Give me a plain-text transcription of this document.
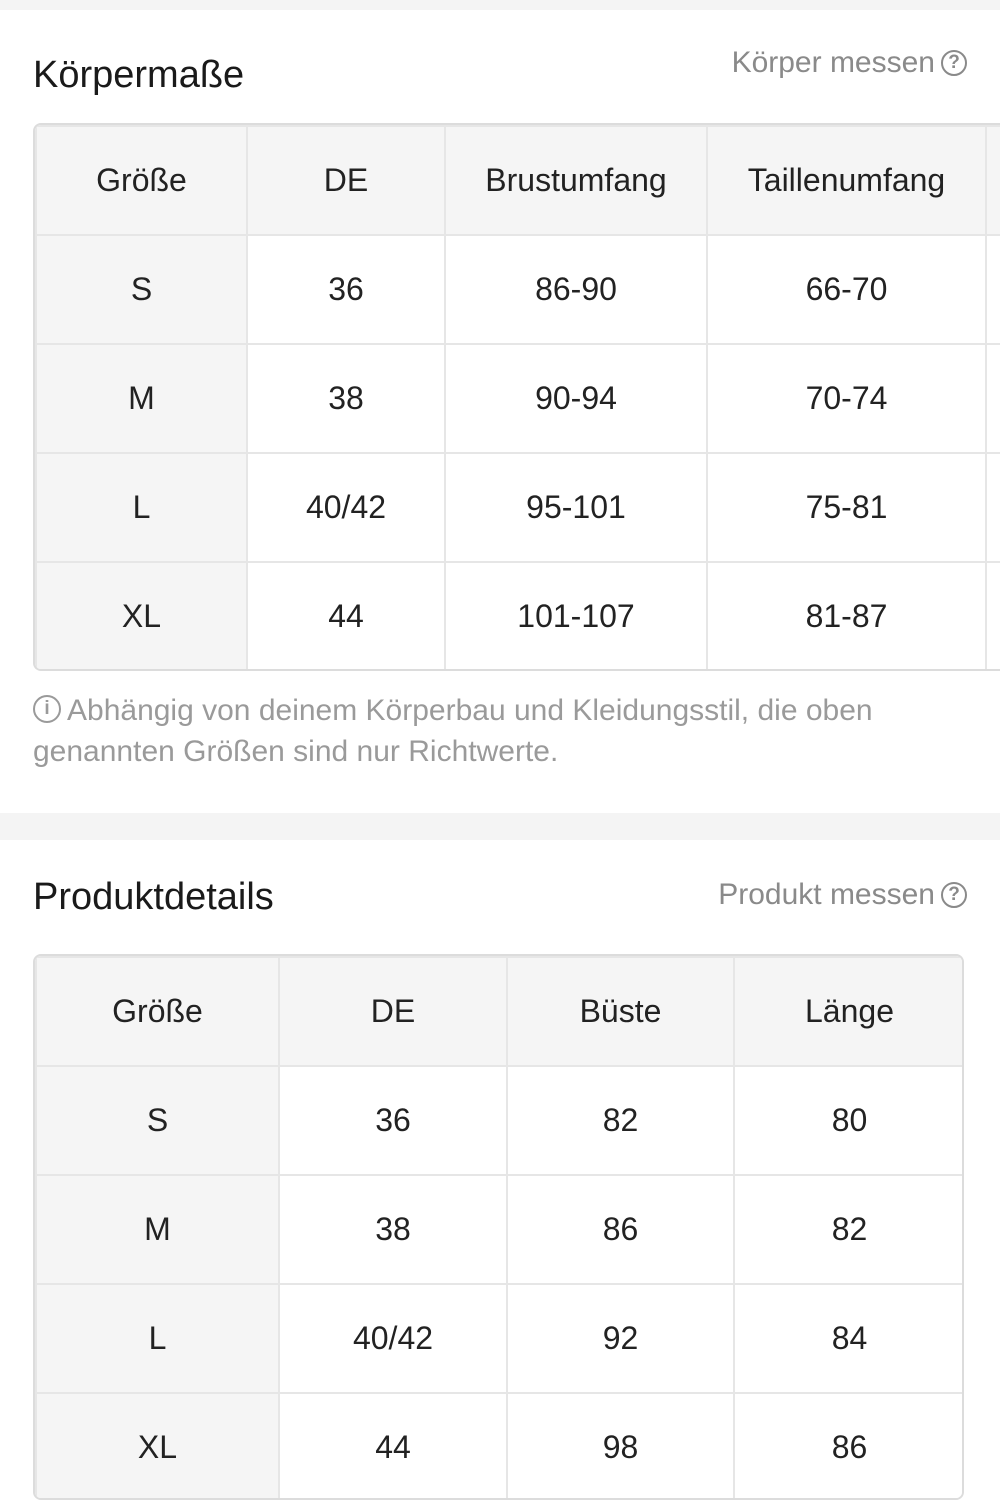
Körpermaße	Körper messen ?
Größe	DE	Brustumfang	Taillenumfang	
S	36	86-90	66-70	
M	38	90-94	70-74	
L	40/42	95-101	75-81	
XL	44	101-107	81-87	
i Abhängig von deinem Körperbau und Kleidungsstil, die oben genannten Größen sind nur Richtwerte.
Produktdetails	Produkt messen ?
Größe	DE	Büste	Länge
S	36	82	80
M	38	86	82
L	40/42	92	84
XL	44	98	86
